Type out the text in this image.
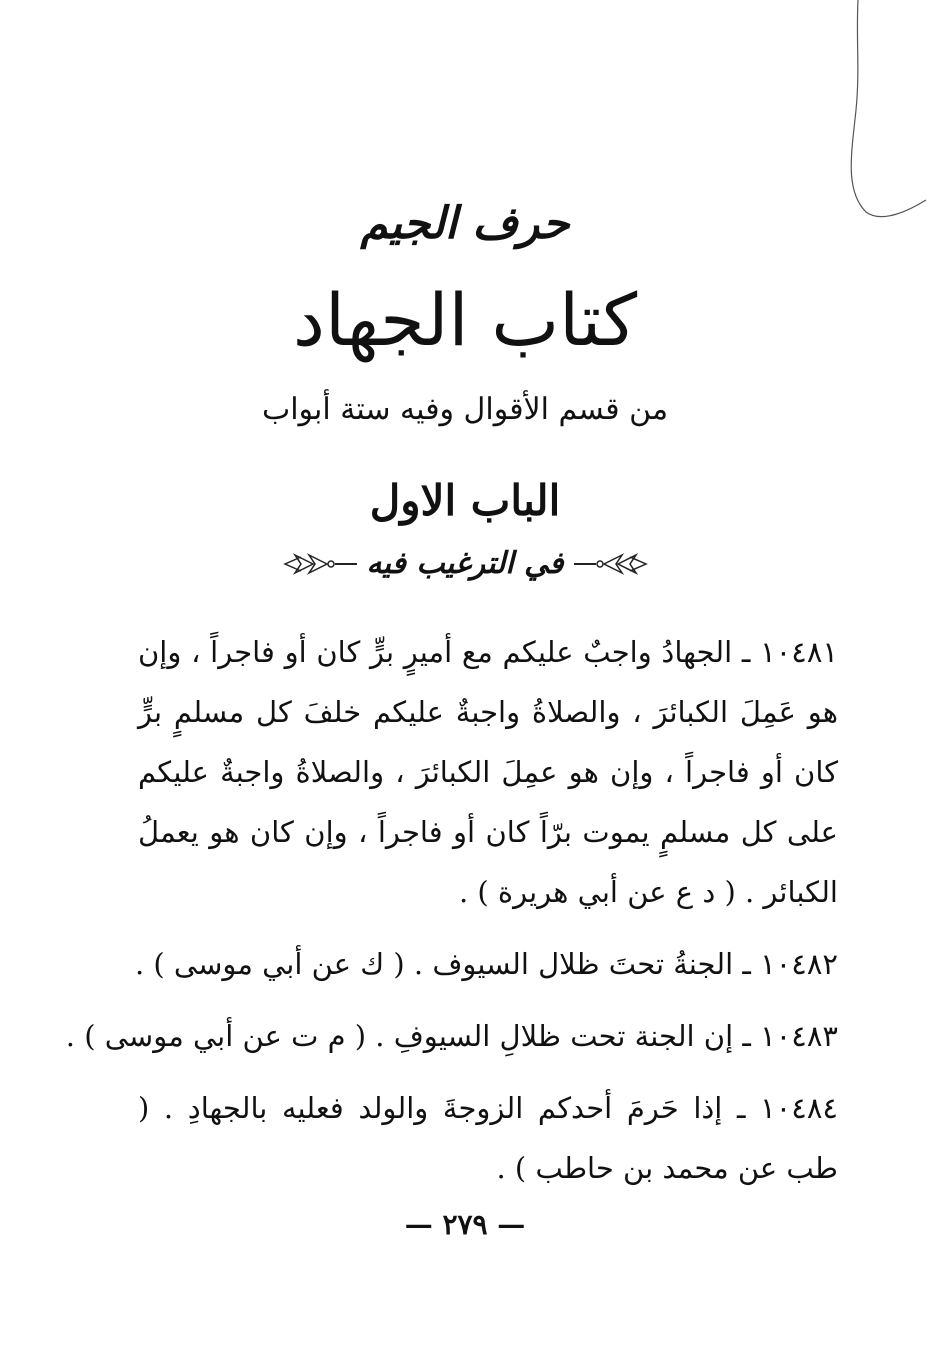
حرف الجيم
كتاب الجهاد
من قسم الأقوال وفيه ستة أبواب
الباب الاول
في الترغيب فيه

١٠٤٨١ ـ الجهادُ واجبٌ عليكم مع أميرٍ برٍّ كان أو فاجراً ، وإن هو عَمِلَ الكبائرَ ، والصلاةُ واجبةٌ عليكم خلفَ كل مسلمٍ برٍّ كان أو فاجراً ، وإن هو عمِلَ الكبائرَ ، والصلاةُ واجبةٌ عليكم على كل مسلمٍ يموت برّاً كان أو فاجراً ، وإن كان هو يعملُ الكبائر . ( د ع عن أبي هريرة ) .

١٠٤٨٢ ـ الجنةُ تحتَ ظلال السيوف . ( ك عن أبي موسى ) .

١٠٤٨٣ ـ إن الجنة تحت ظلالِ السيوفِ . ( م ت عن أبي موسى ) .

١٠٤٨٤ ـ إذا حَرمَ أحدكم الزوجةَ والولد فعليه بالجهادِ . ( طب عن محمد بن حاطب ) .

— ٢٧٩ —
